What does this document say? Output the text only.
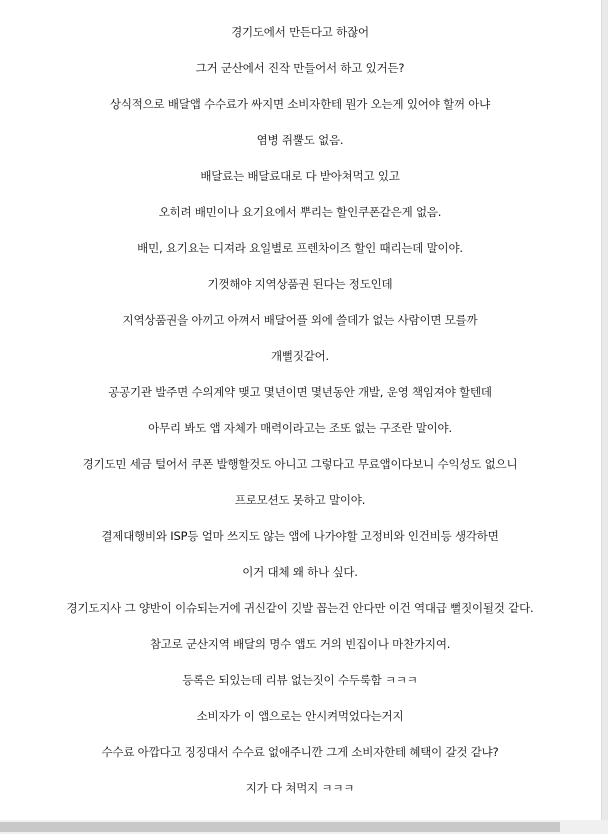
경기도에서 만든다고 하잖어
그거 군산에서 진작 만들어서 하고 있거든?
상식적으로 배달앱 수수료가 싸지면 소비자한테 뭔가 오는게 있어야 할꺼 아냐
염병 쥐뿔도 없음.
배달료는 배달료대로 다 받아쳐먹고 있고
오히려 배민이나 요기요에서 뿌리는 할인쿠폰같은게 없음.
배민, 요기요는 디져라 요일별로 프렌차이즈 할인 때리는데 말이야.
기껏해야 지역상품권 된다는 정도인데
지역상품권을 아끼고 아껴서 배달어플 외에 쓸데가 없는 사람이면 모를까
개뻘짓같어.
공공기관 발주면 수의계약 맺고 몇년이면 몇년동안 개발, 운영 책임져야 할텐데
아무리 봐도 앱 자체가 매력이라고는 조또 없는 구조란 말이야.
경기도민 세금 털어서 쿠폰 발행할것도 아니고 그렇다고 무료앱이다보니 수익성도 없으니
프로모션도 못하고 말이야.
결제대행비와 ISP등 얼마 쓰지도 않는 앱에 나가야할 고정비와 인건비등 생각하면
이거 대체 왜 하나 싶다.
경기도지사 그 양반이 이슈되는거에 귀신같이 깃발 꼽는건 안다만 이건 역대급 뻘짓이될것 같다.
참고로 군산지역 배달의 명수 앱도 거의 빈집이나 마찬가지여.
등록은 되있는데 리뷰 없는짓이 수두룩함 ㅋㅋㅋ
소비자가 이 앱으로는 안시켜먹었다는거지
수수료 아깝다고 징징대서 수수료 없애주니깐 그게 소비자한테 혜택이 갈것 같냐?
지가 다 쳐먹지 ㅋㅋㅋ
